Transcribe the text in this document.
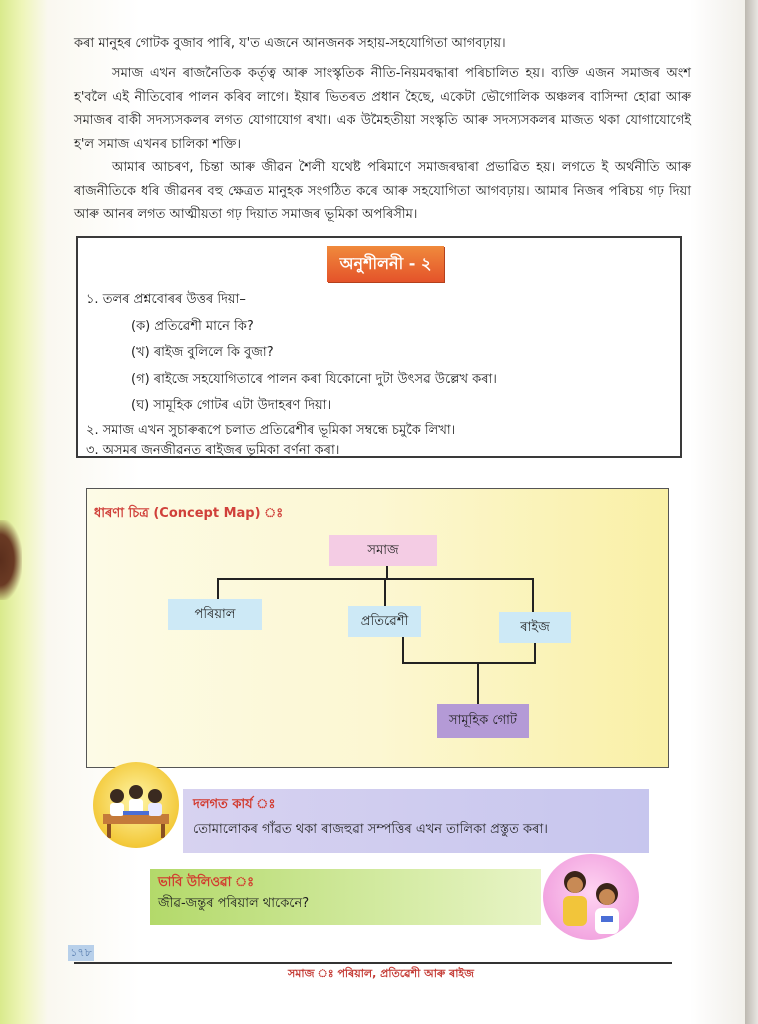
কৰা মানুহৰ গোটক বুজাব পাৰি, য'ত এজনে আনজনক সহায়-সহযোগিতা আগবঢ়ায়।
সমাজ এখন ৰাজনৈতিক কৰ্তৃত্ব আৰু সাংস্কৃতিক নীতি-নিয়মবদ্ধাৰা পৰিচালিত হয়। ব্যক্তি এজন সমাজৰ অংশ হ'বলৈ এই নীতিবোৰ পালন কৰিব লাগে। ইয়াৰ ভিতৰত প্ৰধান হৈছে, একেটা ভৌগোলিক অঞ্চলৰ বাসিন্দা হোৱা আৰু সমাজৰ বাকী সদস্যসকলৰ লগত যোগাযোগ ৰখা। এক উমৈহতীয়া সংস্কৃতি আৰু সদস্যসকলৰ মাজত থকা যোগাযোগেই হ'ল সমাজ এখনৰ চালিকা শক্তি।
আমাৰ আচৰণ, চিন্তা আৰু জীৱন শৈলী যথেষ্ট পৰিমাণে সমাজৰদ্বাৰা প্ৰভাৱিত হয়। লগতে ই অৰ্থনীতি আৰু ৰাজনীতিকে ধৰি জীৱনৰ বহু ক্ষেত্ৰত মানুহক সংগঠিত কৰে আৰু সহযোগিতা আগবঢ়ায়। আমাৰ নিজৰ পৰিচয় গঢ় দিয়া আৰু আনৰ লগত আত্মীয়তা গঢ় দিয়াত সমাজৰ ভূমিকা অপৰিসীম।
অনুশীলনী - ২
১. তলৰ প্ৰশ্নবোৰৰ উত্তৰ দিয়া–
(ক) প্ৰতিৱেশী মানে কি?
(খ) ৰাইজ বুলিলে কি বুজা?
(গ) ৰাইজে সহযোগিতাৰে পালন কৰা যিকোনো দুটা উৎসৱ উল্লেখ কৰা।
(ঘ) সামূহিক গোটৰ এটা উদাহৰণ দিয়া।
২. সমাজ এখন সুচাৰুৰূপে চলাত প্ৰতিৱেশীৰ ভূমিকা সম্বন্ধে চমুকৈ লিখা।
৩. অসমৰ জনজীৱনত ৰাইজৰ ভূমিকা বৰ্ণনা কৰা।
ধাৰণা চিত্ৰ (Concept Map) ঃ
সমাজ
পৰিয়াল	প্ৰতিৱেশী	ৰাইজ
সামূহিক গোট
দলগত কাৰ্য ঃ
তোমালোকৰ গাঁৱত থকা ৰাজহুৱা সম্পত্তিৰ এখন তালিকা প্ৰস্তুত কৰা।
ভাবি উলিওৱা ঃ
জীৱ-জন্তুৰ পৰিয়াল থাকেনে?
১৭৮
সমাজ ঃ পৰিয়াল, প্ৰতিৱেশী আৰু ৰাইজ
